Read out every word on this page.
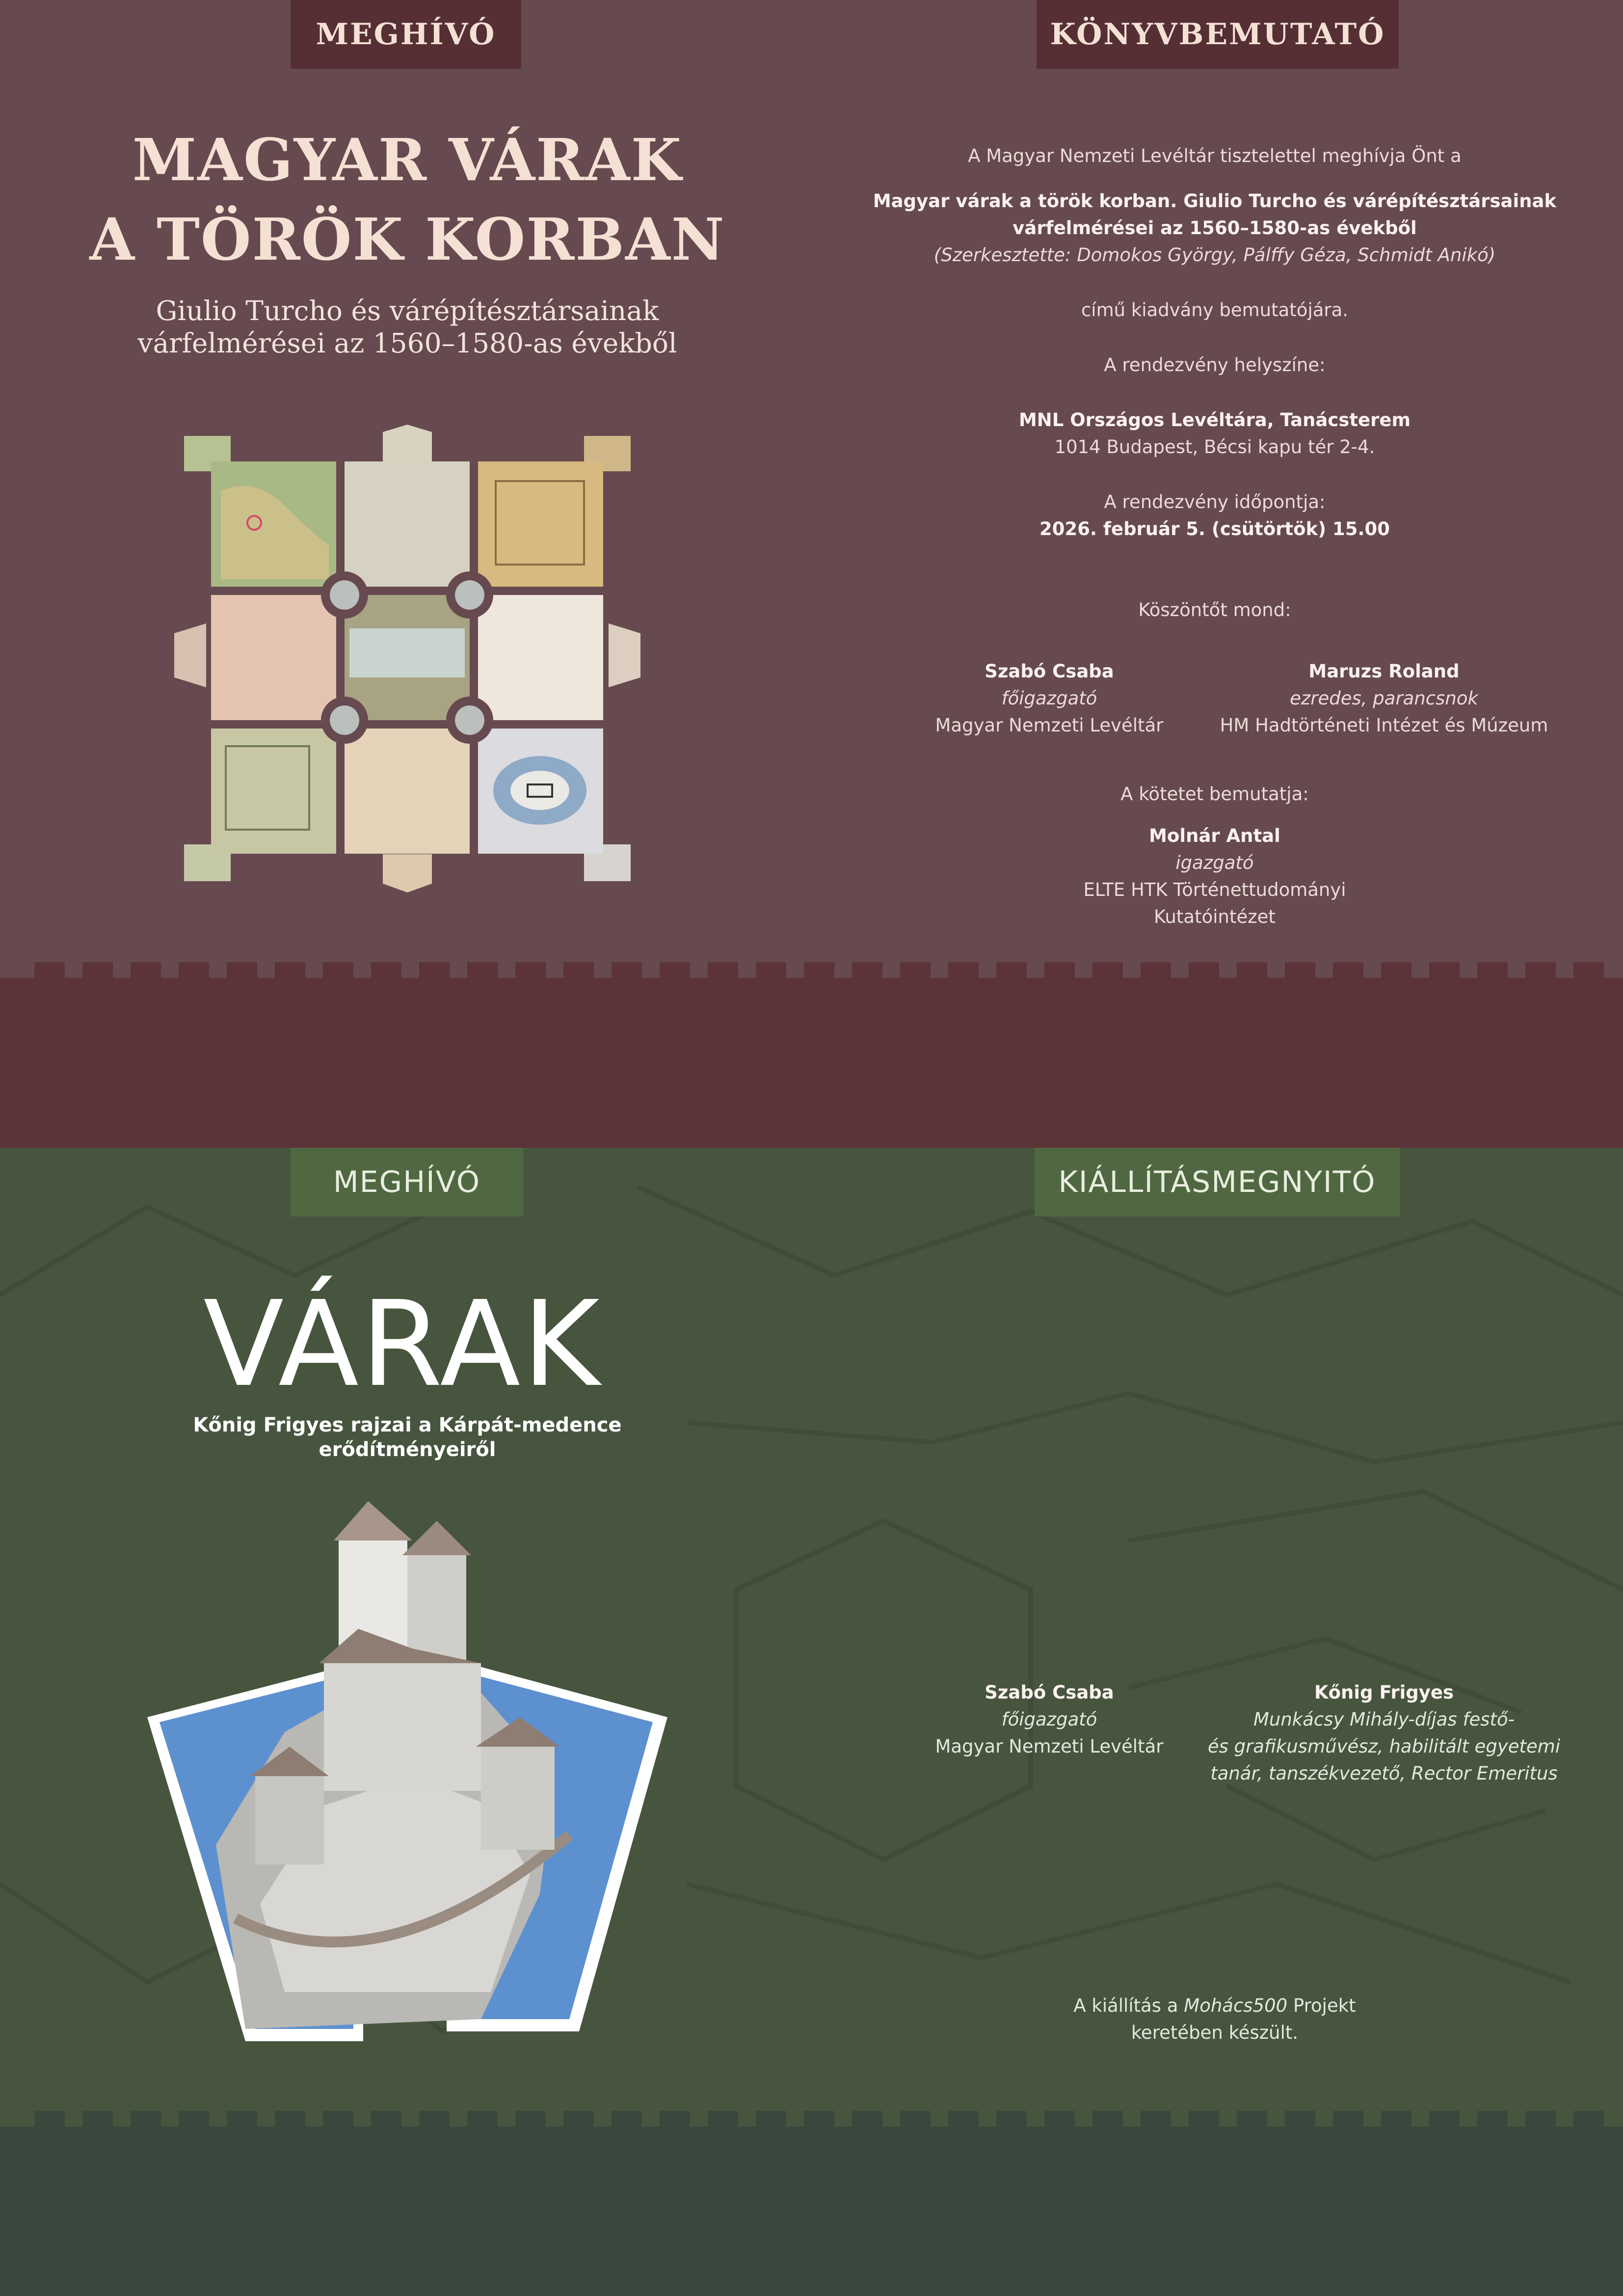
MEGHÍVÓ	KÖNYVBEMUTATÓ
MAGYAR VÁRAK
A TÖRÖK KORBAN
Giulio Turcho és várépítésztársainak
várfelmérései az 1560–1580-as évekből

A Magyar Nemzeti Levéltár tisztelettel meghívja Önt a

Magyar várak a török korban. Giulio Turcho és várépítésztársainak

várfelmérései az 1560–1580-as évekből

(Szerkesztette: Domokos György, Pálffy Géza, Schmidt Anikó)

című kiadvány bemutatójára.

A rendezvény helyszíne:

MNL Országos Levéltára, Tanácsterem

1014 Budapest, Bécsi kapu tér 2-4.

A rendezvény időpontja:

2026. február 5. (csütörtök) 15.00

Köszöntőt mond:

Szabó Csaba
főigazgató
Magyar Nemzeti Levéltár
Maruzs Roland
ezredes, parancsnok
HM Hadtörténeti Intézet és Múzeum

A kötetet bemutatja:

Molnár Antal

igazgató

ELTE HTK Történettudományi

Kutatóintézet

MEGHÍVÓ	KIÁLLÍTÁSMEGNYITÓ
VÁRAK
Kőnig Frigyes rajzai a Kárpát-medence
erődítményeiről

Szabó Csaba
főigazgató
Magyar Nemzeti Levéltár
Kőnig Frigyes
Munkácsy Mihály-díjas festő-
és grafikusművész, habilitált egyetemi
tanár, tanszékvezető, Rector Emeritus

A kiállítás a Mohács500 Projekt

keretében készült.
